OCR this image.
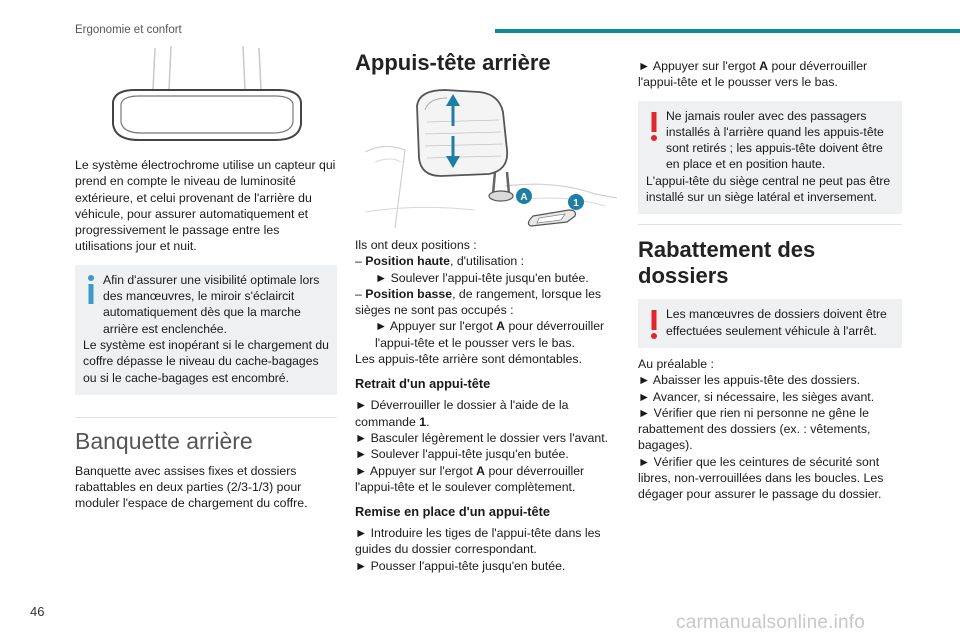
Ergonomie et confort
Le système électrochrome utilise un capteur qui prend en compte le niveau de luminosité extérieure, et celui provenant de l'arrière du véhicule, pour assurer automatiquement et progressivement le passage entre les utilisations jour et nuit.
Afin d'assurer une visibilité optimale lors des manœuvres, le miroir s'éclaircit automatiquement dès que la marche arrière est enclenchée.
Le système est inopérant si le chargement du coffre dépasse le niveau du cache-bagages ou si le cache-bagages est encombré.
Banquette arrière
Banquette avec assises fixes et dossiers rabattables en deux parties (2/3-1/3) pour moduler l'espace de chargement du coffre.
Appuis-tête arrière
A
1
Ils ont deux positions :
– Position haute, d'utilisation :
► Soulever l'appui-tête jusqu'en butée.
– Position basse, de rangement, lorsque les sièges ne sont pas occupés :
► Appuyer sur l'ergot A pour déverrouiller l'appui-tête et le pousser vers le bas.
Les appuis-tête arrière sont démontables.
Retrait d'un appui-tête
► Déverrouiller le dossier à l'aide de la commande 1.
► Basculer légèrement le dossier vers l'avant.
► Soulever l'appui-tête jusqu'en butée.
► Appuyer sur l'ergot A pour déverrouiller l'appui-tête et le soulever complètement.
Remise en place d'un appui-tête
► Introduire les tiges de l'appui-tête dans les guides du dossier correspondant.
► Pousser l'appui-tête jusqu'en butée.
► Appuyer sur l'ergot A pour déverrouiller l'appui-tête et le pousser vers le bas.
Ne jamais rouler avec des passagers installés à l'arrière quand les appuis-tête sont retirés ; les appuis-tête doivent être en place et en position haute.
L'appui-tête du siège central ne peut pas être installé sur un siège latéral et inversement.
Rabattement des dossiers
Les manœuvres de dossiers doivent être effectuées seulement véhicule à l'arrêt.
Au préalable :
► Abaisser les appuis-tête des dossiers.
► Avancer, si nécessaire, les sièges avant.
► Vérifier que rien ni personne ne gêne le rabattement des dossiers (ex. : vêtements, bagages).
► Vérifier que les ceintures de sécurité sont libres, non-verrouillées dans les boucles. Les dégager pour assurer le passage du dossier.
46
carmanualsonline.info
